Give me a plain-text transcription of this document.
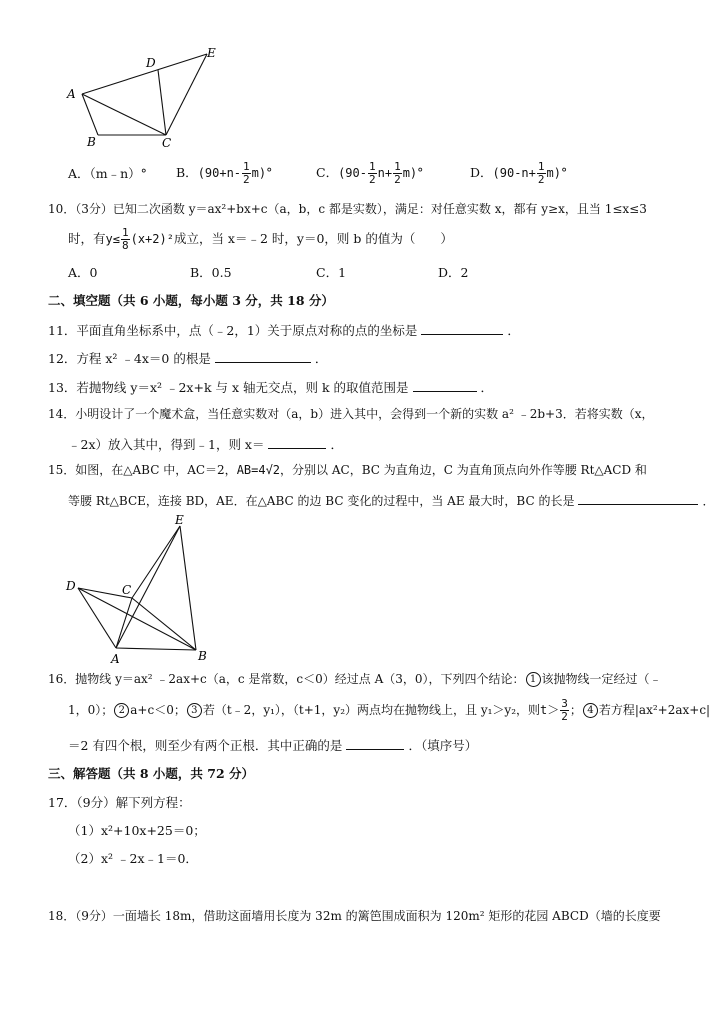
A
B	C
D
E
A．（m﹣n）° B．$(90+n- \frac{1}{2} m)^\circ$	C．$(90- \frac{1}{2} n+ \frac{1}{2} m)^\circ$	D．$(90-n+ \frac{1}{2} m)^\circ$
10．（3分）已知二次函数 y＝ax²+bx+c（a，b，c 都是实数），满足：对任意实数 x，都有 y≥x，且当 1≤x≤3
时，有$y\le \frac{1}{8} (x+2)^2$成立，当 x＝﹣2 时，y＝0，则 b 的值为（　　）
A．0	B．0.5	C．1	D．2
二、填空题（共 6 小题，每小题 3 分，共 18 分）
11．平面直角坐标系中，点（﹣2，1）关于原点对称的点的坐标是	．
12．方程 x² ﹣4x＝0 的根是	．
13．若抛物线 y＝x² ﹣2x+k 与 x 轴无交点，则 k 的取值范围是	．
14．小明设计了一个魔术盒，当任意实数对（a，b）进入其中，会得到一个新的实数 a² ﹣2b+3．若将实数（x，
﹣2x）放入其中，得到﹣1，则 x＝	．
15．如图，在△ABC 中，AC＝2，AB=4√2，分别以 AC，BC 为直角边，C 为直角顶点向外作等腰 Rt△ACD 和
等腰 Rt△BCE，连接 BD，AE．在△ABC 的边 BC 变化的过程中，当 AE 最大时，BC 的长是	．
A	B
C
D
E
16．抛物线 y＝ax² ﹣2ax+c（a，c 是常数，c＜0）经过点 A（3，0），下列四个结论： 1 该抛物线一定经过（﹣
1，0）； 2 a+c＜0； 3 若（t﹣2，y₁），（t+1，y₂）两点均在抛物线上，且 y₁＞y₂，则$t> \frac{3}{2}$ ； 4 若方程|ax²+2ax+c|
＝2 有四个根，则至少有两个正根．其中正确的是	．（填序号）
三、解答题（共 8 小题，共 72 分）
17．（9分）解下列方程：
（1）x²+10x+25＝0；
（2）x² ﹣2x﹣1＝0．
18．（9分）一面墙长 18m，借助这面墙用长度为 32m 的篱笆围成面积为 120m² 矩形的花园 ABCD（墙的长度要
